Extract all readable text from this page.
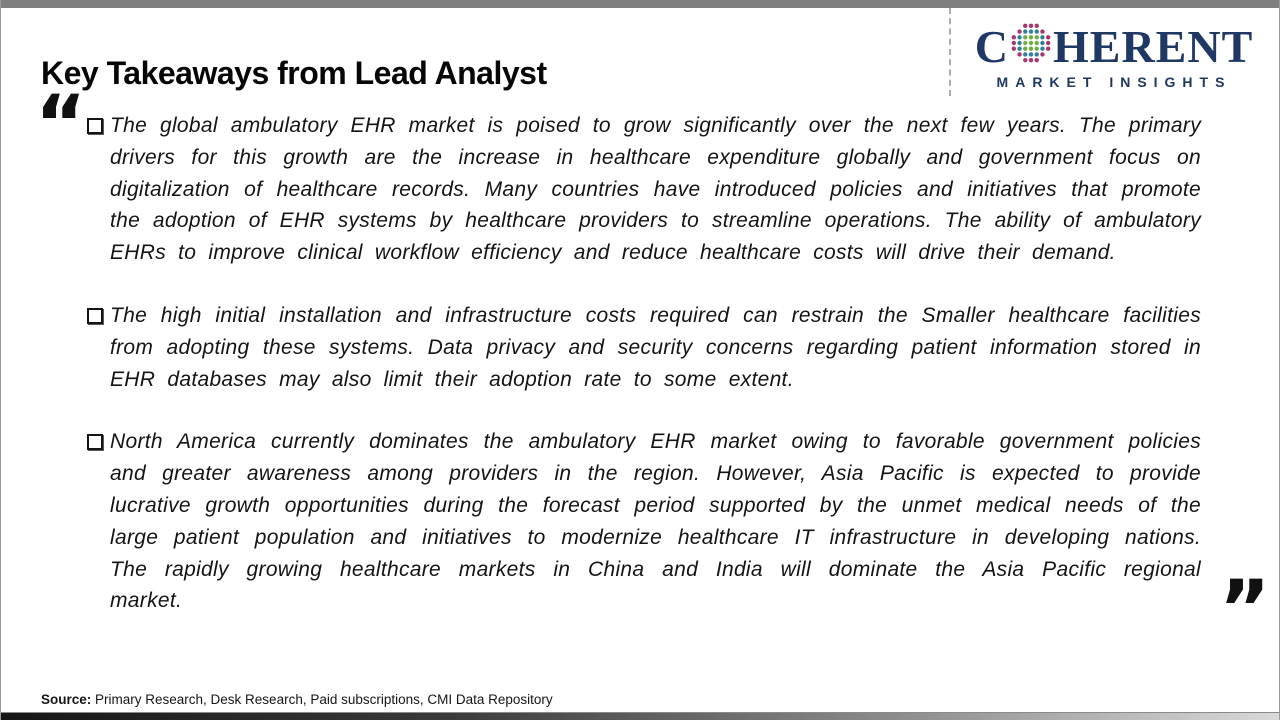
Key Takeaways from Lead Analyst
C HERENT
MARKET INSIGHTS
“	The global ambulatory EHR market is poised to grow significantly over the next few years. The primary drivers for this growth are the increase in healthcare expenditure globally and government focus on digitalization of healthcare records. Many countries have introduced policies and initiatives that promote the adoption of EHR systems by healthcare providers to streamline operations. The ability of ambulatory EHRs to improve clinical workflow efficiency and reduce healthcare costs will drive their demand.
The high initial installation and infrastructure costs required can restrain the Smaller healthcare facilities from adopting these systems. Data privacy and security concerns regarding patient information stored in EHR databases may also limit their adoption rate to some extent.
North America currently dominates the ambulatory EHR market owing to favorable government policies and greater awareness among providers in the region. However, Asia Pacific is expected to provide lucrative growth opportunities during the forecast period supported by the unmet medical needs of the large patient population and initiatives to modernize healthcare IT infrastructure in developing nations. The rapidly growing healthcare markets in China and India will dominate the Asia Pacific regional market.	”
Source: Primary Research, Desk Research, Paid subscriptions, CMI Data Repository
